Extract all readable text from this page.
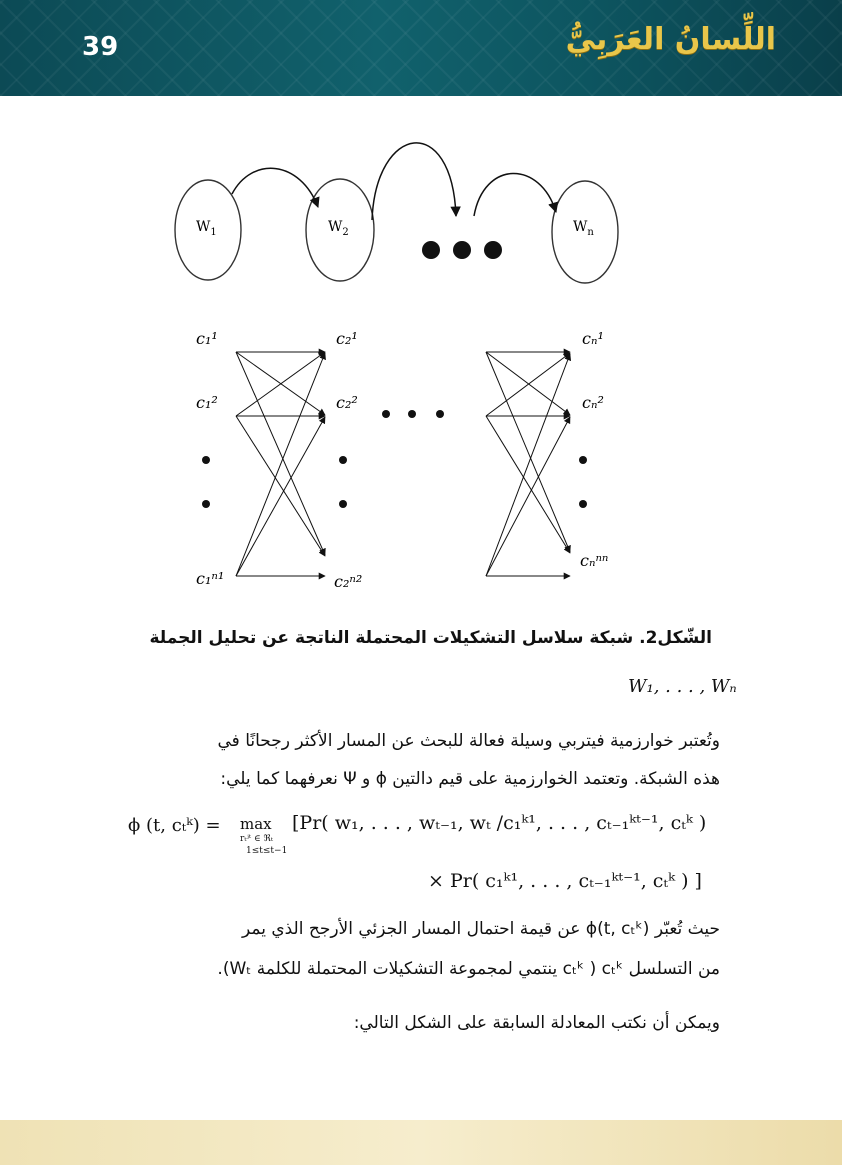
39	اللِّسانُ العَرَبِيُّ
$W_1$	$W_2$	$W_n$
c₁¹
c₁²
c₁ⁿ¹
c₂¹
c₂²
c₂ⁿ²
cₙ¹
cₙ²
cₙⁿⁿ
الشّكل2. شبكة سلاسل التشكيلات المحتملة الناتجة عن تحليل الجملة
W₁, . . . , Wₙ
وتُعتبر خوارزمية فيتربي وسيلة فعالة للبحث عن المسار الأكثر رجحانًا في
هذه الشبكة. وتعتمد الخوارزمية على قيم دالتين ϕ و Ψ نعرفهما كما يلي:
ϕ (t, cₜᵏ) = max
rₜʲᵗ ∈ ℜₜ
1≤t≤t−1
[Pr( w₁, . . . , wₜ₋₁, wₜ /c₁ᵏ¹, . . . , cₜ₋₁ᵏᵗ⁻¹, cₜᵏ )
× Pr( c₁ᵏ¹, . . . , cₜ₋₁ᵏᵗ⁻¹, cₜᵏ ) ]
حيث تُعبّر (ϕ(t, cₜᵏ عن قيمة احتمال المسار الجزئي الأرجح الذي يمر
من التسلسل cₜᵏ ( cₜᵏ ينتمي لمجموعة التشكيلات المحتملة للكلمة Wₜ).
ويمكن أن نكتب المعادلة السابقة على الشكل التالي:
